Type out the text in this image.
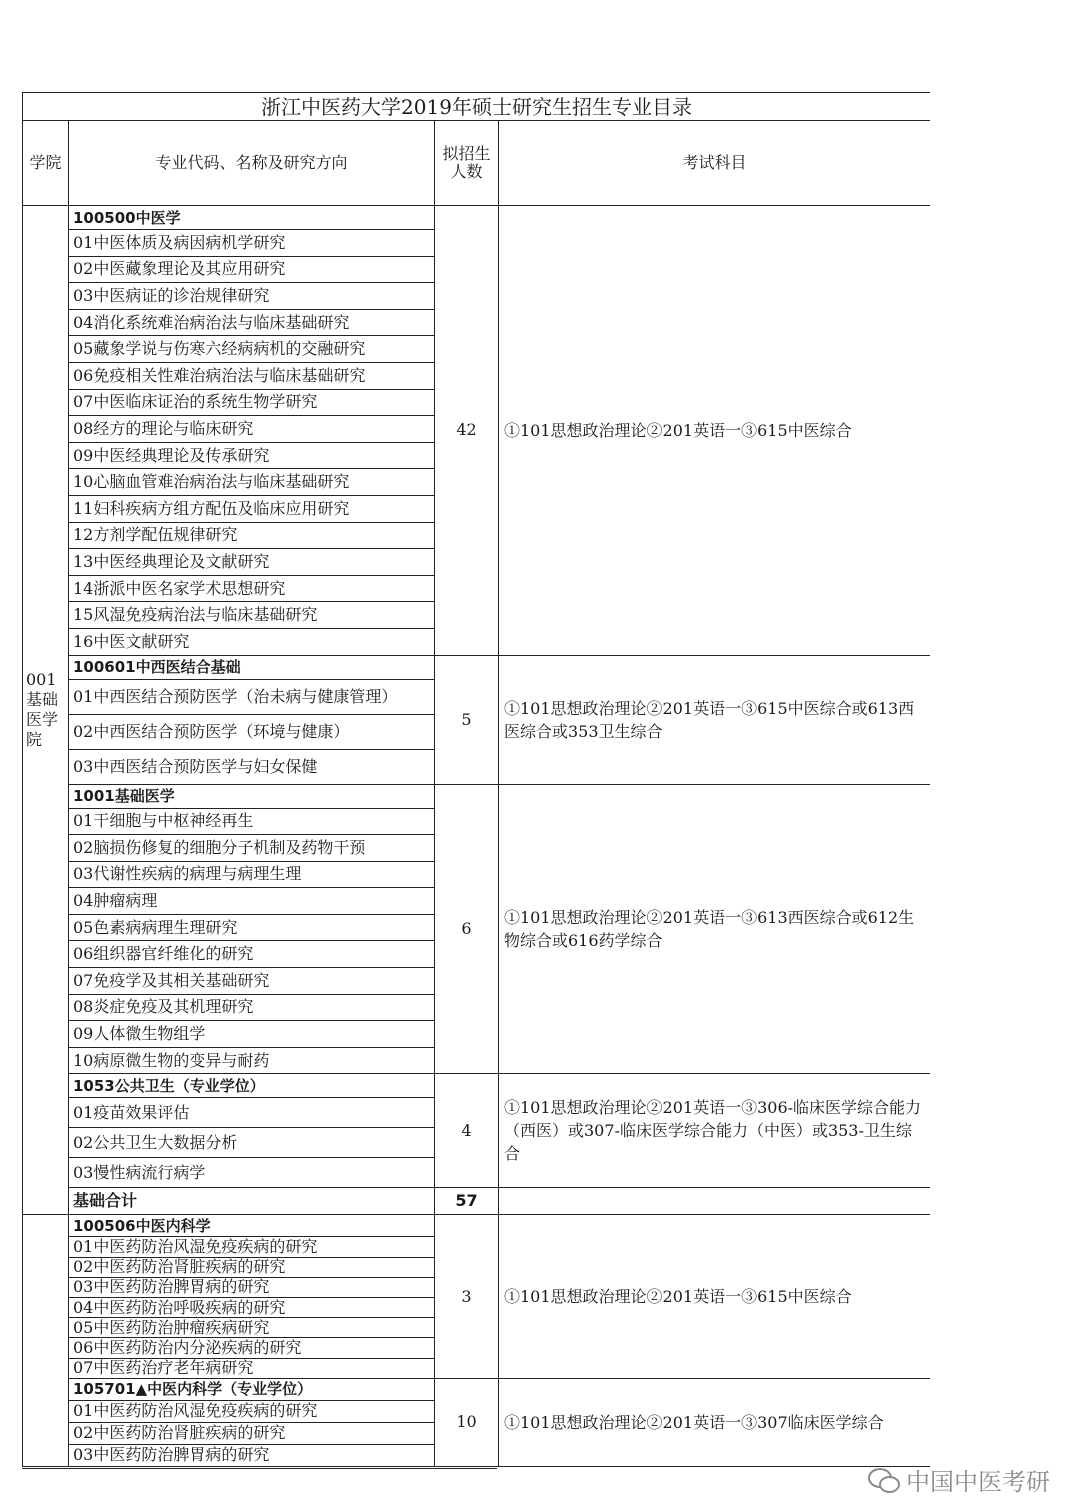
浙江中医药大学2019年硕士研究生招生专业目录			
学院	专业代码、名称及研究方向	拟招生人数	考试科目
001基础医学院	100500中医学	42	①101思想政治理论②201英语一③615中医综合
	01中医体质及病因病机学研究		
	02中医藏象理论及其应用研究		
	03中医病证的诊治规律研究		
	04消化系统难治病治法与临床基础研究		
	05藏象学说与伤寒六经病病机的交融研究		
	06免疫相关性难治病治法与临床基础研究		
	07中医临床证治的系统生物学研究		
	08经方的理论与临床研究		
	09中医经典理论及传承研究		
	10心脑血管难治病治法与临床基础研究		
	11妇科疾病方组方配伍及临床应用研究		
	12方剂学配伍规律研究		
	13中医经典理论及文献研究		
	14浙派中医名家学术思想研究		
	15风湿免疫病治法与临床基础研究		
	16中医文献研究		
	100601中西医结合基础	5	①101思想政治理论②201英语一③615中医综合或613西医综合或353卫生综合
	01中西医结合预防医学（治未病与健康管理）		
	02中西医结合预防医学（环境与健康）		
	03中西医结合预防医学与妇女保健		
	1001基础医学	6	①101思想政治理论②201英语一③613西医综合或612生物综合或616药学综合
	01干细胞与中枢神经再生		
	02脑损伤修复的细胞分子机制及药物干预		
	03代谢性疾病的病理与病理生理		
	04肿瘤病理		
	05色素病病理生理研究		
	06组织器官纤维化的研究		
	07免疫学及其相关基础研究		
	08炎症免疫及其机理研究		
	09人体微生物组学		
	10病原微生物的变异与耐药		
	1053公共卫生（专业学位）	4	①101思想政治理论②201英语一③306-临床医学综合能力（西医）或307-临床医学综合能力（中医）或353-卫生综合
	01疫苗效果评估		
	02公共卫生大数据分析		
	03慢性病流行病学		
	基础合计	57	
	100506中医内科学	3	①101思想政治理论②201英语一③615中医综合
	01中医药防治风湿免疫疾病的研究		
	02中医药防治肾脏疾病的研究		
	03中医药防治脾胃病的研究		
	04中医药防治呼吸疾病的研究		
	05中医药防治肿瘤疾病研究		
	06中医药防治内分泌疾病的研究		
	07中医药治疗老年病研究		
	105701▲中医内科学（专业学位）	10	①101思想政治理论②201英语一③307临床医学综合
	01中医药防治风湿免疫疾病的研究		
	02中医药防治肾脏疾病的研究		
	03中医药防治脾胃病的研究		
中国中医考研
